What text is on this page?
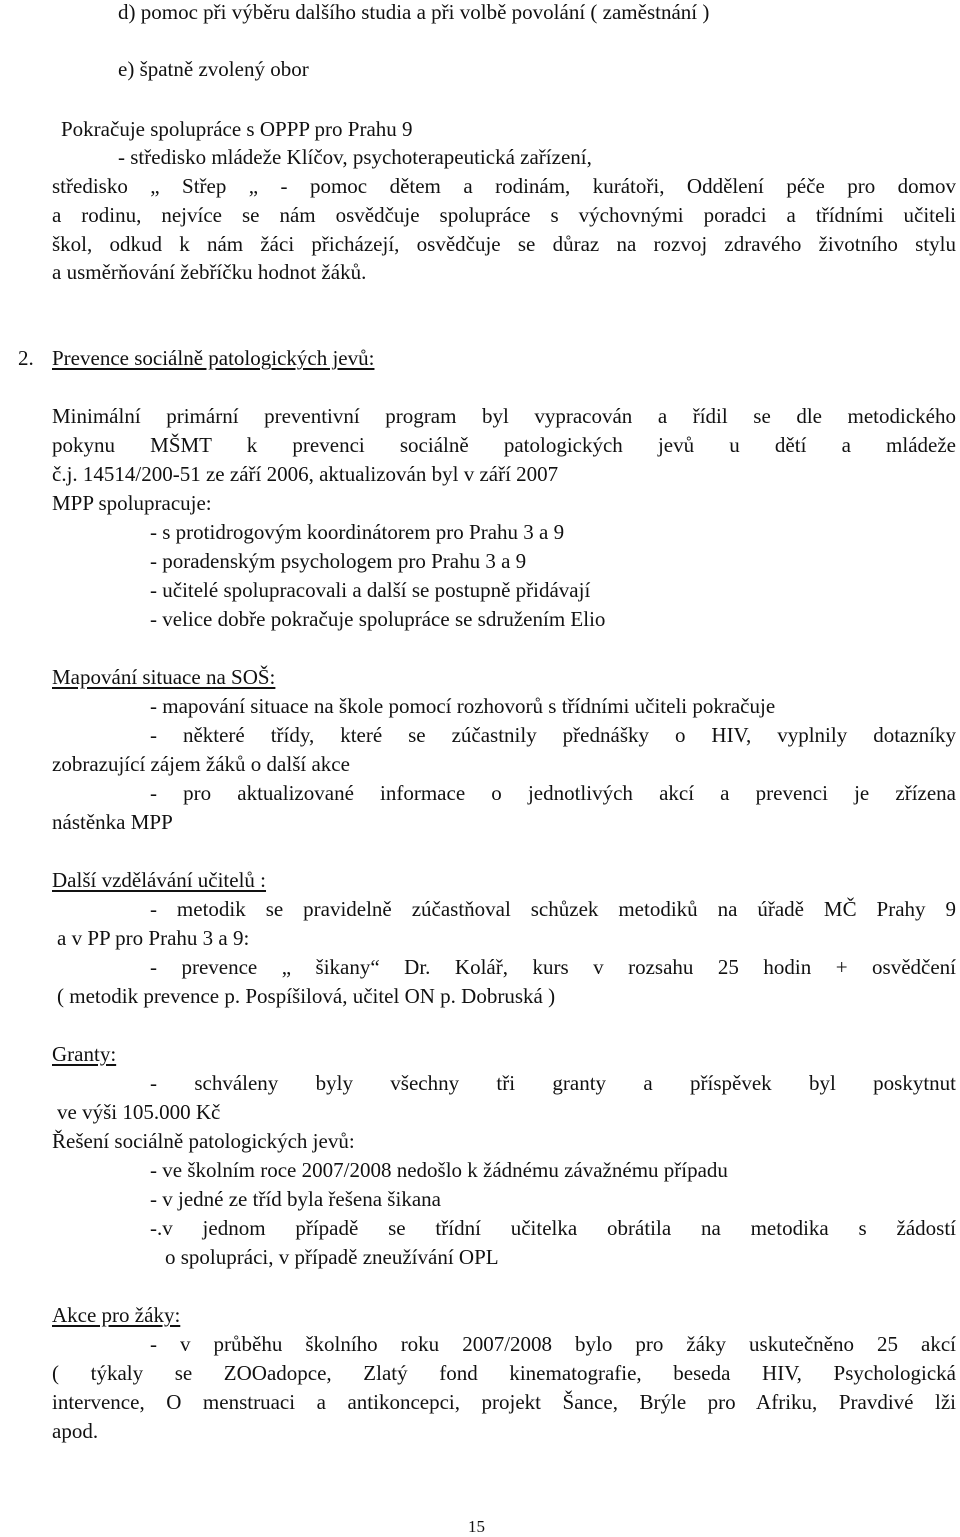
d) pomoc při výběru dalšího studia a při volbě povolání ( zaměstnání )
e) špatně zvolený obor
Pokračuje spolupráce s OPPP pro Prahu 9
- středisko mládeže Klíčov, psychoterapeutická zařízení,
středisko „ Střep „ - pomoc dětem a rodinám, kurátoři, Oddělení péče pro domov
a rodinu, nejvíce se nám osvědčuje spolupráce s výchovnými poradci a třídními učiteli
škol, odkud k nám žáci přicházejí, osvědčuje se důraz na rozvoj zdravého životního stylu
a usměrňování žebříčku hodnot žáků.
2. Prevence sociálně patologických jevů:
Minimální primární preventivní program byl vypracován a řídil se dle metodického
pokynu MŠMT k prevenci sociálně patologických jevů u dětí a mládeže
č.j. 14514/200-51 ze září 2006, aktualizován byl v září 2007
MPP spolupracuje:
- s protidrogovým koordinátorem pro Prahu 3 a 9
- poradenským psychologem pro Prahu 3 a 9
- učitelé spolupracovali a další se postupně přidávají
- velice dobře pokračuje spolupráce se sdružením Elio
Mapování situace na SOŠ:
- mapování situace na škole pomocí rozhovorů s třídními učiteli pokračuje
- některé třídy, které se zúčastnily přednášky o HIV, vyplnily dotazníky
zobrazující zájem žáků o další akce
- pro aktualizované informace o jednotlivých akcí a prevenci je zřízena
nástěnka MPP
Další vzdělávání učitelů :
- metodik se pravidelně zúčastňoval schůzek metodiků na úřadě MČ Prahy 9
a v PP pro Prahu 3 a 9:
- prevence „ šikany“ Dr. Kolář, kurs v rozsahu 25 hodin + osvědčení
( metodik prevence p. Pospíšilová, učitel ON p. Dobruská )
Granty:
- schváleny byly všechny tři granty a příspěvek byl poskytnut
ve výši 105.000 Kč
Řešení sociálně patologických jevů:
- ve školním roce 2007/2008 nedošlo k žádnému závažnému případu
- v jedné ze tříd byla řešena šikana
-.v jednom případě se třídní učitelka obrátila na metodika s žádostí
o spolupráci, v případě zneužívání OPL
Akce pro žáky:
- v průběhu školního roku 2007/2008 bylo pro žáky uskutečněno 25 akcí
( týkaly se ZOOadopce, Zlatý fond kinematografie, beseda HIV, Psychologická
intervence, O menstruaci a antikoncepci, projekt Šance, Brýle pro Afriku, Pravdivé lži
apod.
15
